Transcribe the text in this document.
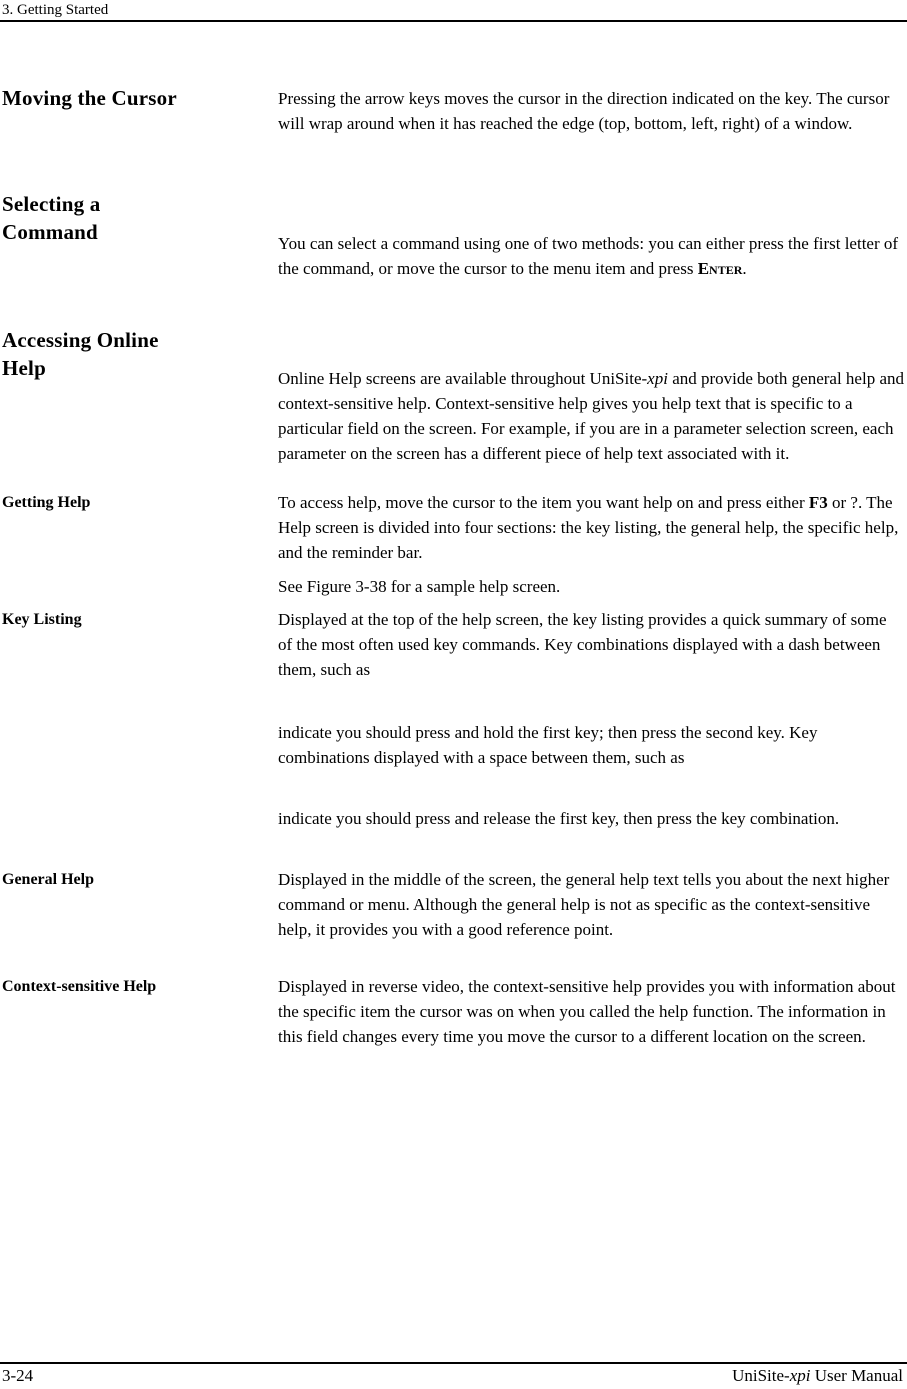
3. Getting Started
Moving the Cursor	Pressing the arrow keys moves the cursor in the direction indicated on the key. The cursor will wrap around when it has reached the edge (top, bottom, left, right) of a window.

Selecting a
Command	You can select a command using one of two methods: you can either press the first letter of the command, or move the cursor to the menu item and press Enter.

Accessing Online
Help	Online Help screens are available throughout UniSite-xpi and provide both general help and context-sensitive help. Context-sensitive help gives you help text that is specific to a particular field on the screen. For example, if you are in a parameter selection screen, each parameter on the screen has a different piece of help text associated with it.

Getting Help	To access help, move the cursor to the item you want help on and press either F3 or ?. The Help screen is divided into four sections: the key listing, the general help, the specific help, and the reminder bar.

See Figure 3-38 for a sample help screen.

Key Listing	Displayed at the top of the help screen, the key listing provides a quick summary of some of the most often used key commands. Key combinations displayed with a dash between them, such as

indicate you should press and hold the first key; then press the second key. Key combinations displayed with a space between them, such as

indicate you should press and release the first key, then press the key combination.

General Help	Displayed in the middle of the screen, the general help text tells you about the next higher command or menu. Although the general help is not as specific as the context-sensitive help, it provides you with a good reference point.

Context-sensitive Help	Displayed in reverse video, the context-sensitive help provides you with information about the specific item the cursor was on when you called the help function. The information in this field changes every time you move the cursor to a different location on the screen.

3-24	UniSite-xpi User Manual
